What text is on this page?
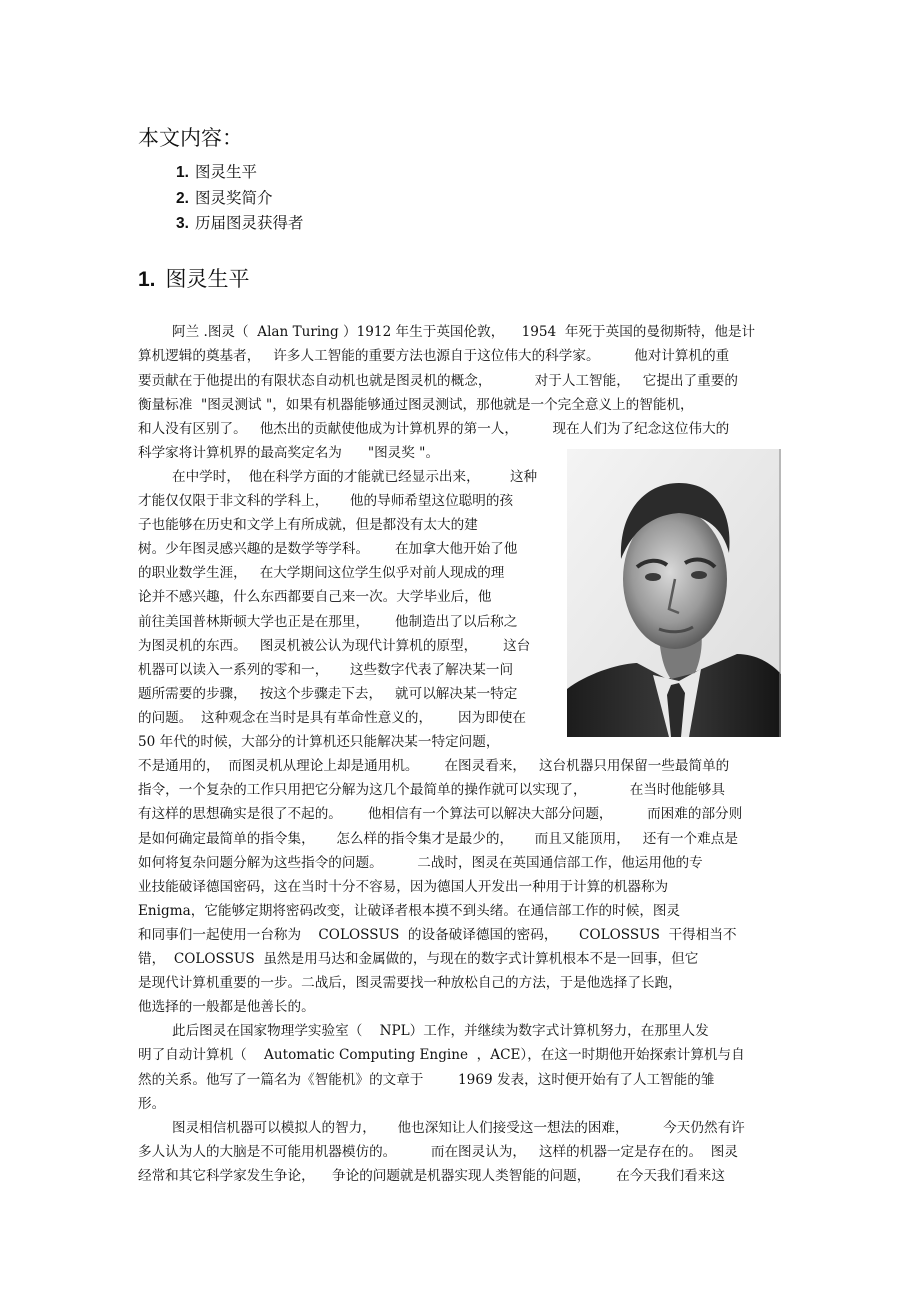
本文内容：
1. 图灵生平
2. 图灵奖简介
3. 历届图灵获得者
1. 图灵生平
阿兰 .图灵（  Alan Turing ）1912 年生于英国伦敦，    1954  年死于英国的曼彻斯特，他是计
算机逻辑的奠基者，   许多人工智能的重要方法也源自于这位伟大的科学家。        他对计算机的重
要贡献在于他提出的有限状态自动机也就是图灵机的概念，          对于人工智能，   它提出了重要的
衡量标准  "图灵测试 "，如果有机器能够通过图灵测试，那他就是一个完全意义上的智能机，
和人没有区别了。   他杰出的贡献使他成为计算机界的第一人，        现在人们为了纪念这位伟大的
科学家将计算机界的最高奖定名为      "图灵奖 "。
在中学时，  他在科学方面的才能就已经显示出来，       这种
才能仅仅限于非文科的学科上，     他的导师希望这位聪明的孩
子也能够在历史和文学上有所成就，但是都没有太大的建
树。少年图灵感兴趣的是数学等学科。      在加拿大他开始了他
的职业数学生涯，   在大学期间这位学生似乎对前人现成的理
论并不感兴趣，什么东西都要自己来一次。大学毕业后，他
前往美国普林斯顿大学也正是在那里，      他制造出了以后称之
为图灵机的东西。   图灵机被公认为现代计算机的原型，      这台
机器可以读入一系列的零和一，     这些数字代表了解决某一问
题所需要的步骤，   按这个步骤走下去，   就可以解决某一特定
的问题。  这种观念在当时是具有革命性意义的，      因为即使在
50 年代的时候，大部分的计算机还只能解决某一特定问题，
不是通用的，  而图灵机从理论上却是通用机。      在图灵看来，   这台机器只用保留一些最简单的
指令，一个复杂的工作只用把它分解为这几个最简单的操作就可以实现了，          在当时他能够具
有这样的思想确实是很了不起的。      他相信有一个算法可以解决大部分问题，        而困难的部分则
是如何确定最简单的指令集，     怎么样的指令集才是最少的，     而且又能顶用，   还有一个难点是
如何将复杂问题分解为这些指令的问题。        二战时，图灵在英国通信部工作，他运用他的专
业技能破译德国密码，这在当时十分不容易，因为德国人开发出一种用于计算的机器称为
Enigma，它能够定期将密码改变，让破译者根本摸不到头绪。在通信部工作的时候，图灵
和同事们一起使用一台称为    COLOSSUS  的设备破译德国的密码，     COLOSSUS  干得相当不
错，  COLOSSUS  虽然是用马达和金属做的，与现在的数字式计算机根本不是一回事，但它
是现代计算机重要的一步。二战后，图灵需要找一种放松自己的方法，于是他选择了长跑，
他选择的一般都是他善长的。
此后图灵在国家物理学实验室（    NPL）工作，并继续为数字式计算机努力，在那里人发
明了自动计算机（    Automatic Computing Engine  ，ACE），在这一时期他开始探索计算机与自
然的关系。他写了一篇名为《智能机》的文章于        1969 发表，这时便开始有了人工智能的雏
形。
图灵相信机器可以模拟人的智力，     他也深知让人们接受这一想法的困难，        今天仍然有许
多人认为人的大脑是不可能用机器模仿的。        而在图灵认为，   这样的机器一定是存在的。  图灵
经常和其它科学家发生争论，    争论的问题就是机器实现人类智能的问题，      在今天我们看来这
